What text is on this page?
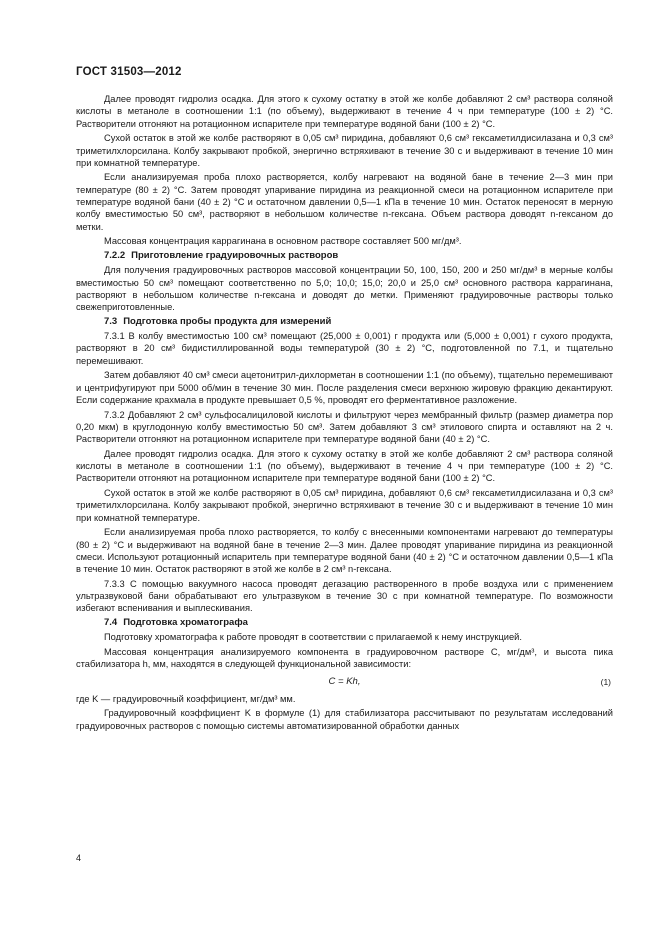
ГОСТ 31503—2012

Далее проводят гидролиз осадка. Для этого к сухому остатку в этой же колбе добавляют 2 см³ раствора соляной кислоты в метаноле в соотношении 1:1 (по объему), выдерживают в течение 4 ч при температуре (100 ± 2) °С. Растворители отгоняют на ротационном испарителе при температуре водяной бани (100 ± 2) °С.

Сухой остаток в этой же колбе растворяют в 0,05 см³ пиридина, добавляют 0,6 см³ гексаметилдисилазана и 0,3 см³ триметилхлорсилана. Колбу закрывают пробкой, энергично встряхивают в течение 30 с и выдерживают в течение 10 мин при комнатной температуре.

Если анализируемая проба плохо растворяется, колбу нагревают на водяной бане в течение 2—3 мин при температуре (80 ± 2) °С. Затем проводят упаривание пиридина из реакционной смеси на ротационном испарителе при температуре водяной бани (40 ± 2) °С и остаточном давлении 0,5—1 кПа в течение 10 мин. Остаток переносят в мерную колбу вместимостью 50 см³, растворяют в небольшом количестве n-гексана. Объем раствора доводят n-гексаном до метки.

Массовая концентрация каррагинана в основном растворе составляет 500 мг/дм³.

7.2.2 Приготовление градуировочных растворов

Для получения градуировочных растворов массовой концентрации 50, 100, 150, 200 и 250 мг/дм³ в мерные колбы вместимостью 50 см³ помещают соответственно по 5,0; 10,0; 15,0; 20,0 и 25,0 см³ основного раствора каррагинана, растворяют в небольшом количестве n-гексана и доводят до метки. Применяют градуировочные растворы только свежеприготовленные.

7.3 Подготовка пробы продукта для измерений

7.3.1 В колбу вместимостью 100 см³ помещают (25,000 ± 0,001) г продукта или (5,000 ± 0,001) г сухого продукта, растворяют в 20 см³ бидистиллированной воды температурой (30 ± 2) °С, подготовленной по 7.1, и тщательно перемешивают.

Затем добавляют 40 см³ смеси ацетонитрил-дихлорметан в соотношении 1:1 (по объему), тщательно перемешивают и центрифугируют при 5000 об/мин в течение 30 мин. После разделения смеси верхнюю жировую фракцию декантируют. Если содержание крахмала в продукте превышает 0,5 %, проводят его ферментативное разложение.

7.3.2 Добавляют 2 см³ сульфосалициловой кислоты и фильтруют через мембранный фильтр (размер диаметра пор 0,20 мкм) в круглодонную колбу вместимостью 50 см³. Затем добавляют 3 см³ этилового спирта и оставляют на 2 ч. Растворители отгоняют на ротационном испарителе при температуре водяной бани (40 ± 2) °С.

Далее проводят гидролиз осадка. Для этого к сухому остатку в этой же колбе добавляют 2 см³ раствора соляной кислоты в метаноле в соотношении 1:1 (по объему), выдерживают в течение 4 ч при температуре (100 ± 2) °С. Растворители отгоняют на ротационном испарителе при температуре водяной бани (100 ± 2) °С.

Сухой остаток в этой же колбе растворяют в 0,05 см³ пиридина, добавляют 0,6 см³ гексаметилдисилазана и 0,3 см³ триметилхлорсилана. Колбу закрывают пробкой, энергично встряхивают в течение 30 с и выдерживают в течение 10 мин при комнатной температуре.

Если анализируемая проба плохо растворяется, то колбу с внесенными компонентами нагревают до температуры (80 ± 2) °С и выдерживают на водяной бане в течение 2—3 мин. Далее проводят упаривание пиридина из реакционной смеси. Используют ротационный испаритель при температуре водяной бани (40 ± 2) °С и остаточном давлении 0,5—1 кПа в течение 10 мин. Остаток растворяют в этой же колбе в 2 см³ n-гексана.

7.3.3 С помощью вакуумного насоса проводят дегазацию растворенного в пробе воздуха или с применением ультразвуковой бани обрабатывают его ультразвуком в течение 30 с при комнатной температуре. По возможности избегают вспенивания и выплескивания.

7.4 Подготовка хроматографа

Подготовку хроматографа к работе проводят в соответствии с прилагаемой к нему инструкцией.

Массовая концентрация анализируемого компонента в градуировочном растворе C, мг/дм³, и высота пика стабилизатора h, мм, находятся в следующей функциональной зависимости:

C = Kh,	(1)

где K — градуировочный коэффициент, мг/дм³ мм.

Градуировочный коэффициент K в формуле (1) для стабилизатора рассчитывают по результатам исследований градуировочных растворов с помощью системы автоматизированной обработки данных

4
